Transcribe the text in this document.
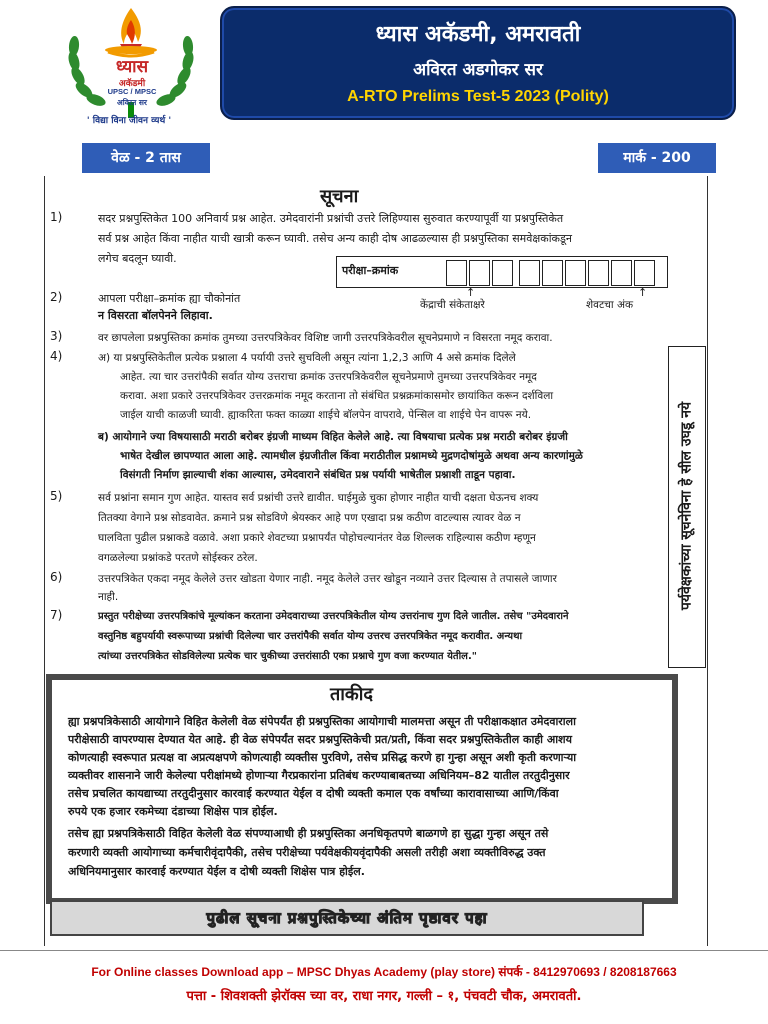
ध्यास
अकॅडमी
UPSC / MPSC
अविरत सर
' विद्या विना जीवन व्यर्थ '
ध्यास अकॅडमी, अमरावती
अविरत अडगोकर सर
A-RTO Prelims Test-5 2023 (Polity)
वेळ - 2 तास	मार्क - 200
सूचना
1)	सदर प्रश्नपुस्तिकेत 100 अनिवार्य प्रश्न आहेत. उमेदवारांनी प्रश्नांची उत्तरे लिहिण्यास सुरुवात करण्यापूर्वी या प्रश्नपुस्तिकेत
सर्व प्रश्न आहेत किंवा नाहीत याची खात्री करून घ्यावी. तसेच अन्य काही दोष आढळल्यास ही प्रश्नपुस्तिका समवेक्षकांकडून
लगेच बदलून घ्यावी.
परीक्षा–क्रमांक
↑	↑
केंद्राची संकेताक्षरे	शेवटचा अंक
2)	आपला परीक्षा–क्रमांक ह्या चौकोनांत
न विसरता बॉलपेनने लिहावा.
3)	वर छापलेला प्रश्नपुस्तिका क्रमांक तुमच्या उत्तरपत्रिकेवर विशिष्ट जागी उत्तरपत्रिकेवरील सूचनेप्रमाणे न विसरता नमूद करावा.
4)	अ) या प्रश्नपुस्तिकेतील प्रत्येक प्रश्नाला 4 पर्यायी उत्तरे सुचविली असून त्यांना 1,2,3 आणि 4 असे क्रमांक दिलेले
आहेत. त्या चार उत्तरांपैकी सर्वात योग्य उत्तराचा क्रमांक उत्तरपत्रिकेवरील सूचनेप्रमाणे तुमच्या उत्तरपत्रिकेवर नमूद
करावा. अशा प्रकारे उत्तरपत्रिकेवर उत्तरक्रमांक नमूद करताना तो संबंधित प्रश्नक्रमांकासमोर छायांकित करून दर्शविला
जाईल याची काळजी घ्यावी. ह्याकरिता फक्त काळ्या शाईचे बॉलपेन वापरावे, पेन्सिल वा शाईचे पेन वापरू नये.
ब) आयोगाने ज्या विषयासाठी मराठी बरोबर इंग्रजी माध्यम विहित केलेले आहे. त्या विषयाचा प्रत्येक प्रश्न मराठी बरोबर इंग्रजी
भाषेत देखील छापण्यात आला आहे. त्यामधील इंग्रजीतील किंवा मराठीतील प्रश्नामध्ये मुद्रणदोषांमुळे अथवा अन्य कारणांमुळे
विसंगती निर्माण झाल्याची शंका आल्यास, उमेदवाराने संबंधित प्रश्न पर्यायी भाषेतील प्रश्नाशी ताडून पहावा.
5)	सर्व प्रश्नांना समान गुण आहेत. यास्तव सर्व प्रश्नांची उत्तरे द्यावीत. घाईमुळे चुका होणार नाहीत याची दक्षता घेऊनच शक्य
तितक्या वेगाने प्रश्न सोडवावेत. क्रमाने प्रश्न सोडविणे श्रेयस्कर आहे पण एखादा प्रश्न कठीण वाटल्यास त्यावर वेळ न
घालविता पुढील प्रश्नाकडे वळावे. अशा प्रकारे शेवटच्या प्रश्नापर्यंत पोहोचल्यानंतर वेळ शिल्लक राहिल्यास कठीण म्हणून
वगळलेल्या प्रश्नांकडे परतणे सोईस्कर ठरेल.
6)	उत्तरपत्रिकेत एकदा नमूद केलेले उत्तर खोडता येणार नाही. नमूद केलेले उत्तर खोडून नव्याने उत्तर दिल्यास ते तपासले जाणार
नाही.
7)	प्रस्तुत परीक्षेच्या उत्तरपत्रिकांचे मूल्यांकन करताना उमेदवाराच्या उत्तरपत्रिकेतील योग्य उत्तरांनाच गुण दिले जातील. तसेच "उमेदवाराने
वस्तुनिष्ठ बहुपर्यायी स्वरूपाच्या प्रश्नांची दिलेल्या चार उत्तरांपैकी सर्वात योग्य उत्तरच उत्तरपत्रिकेत नमूद करावीत. अन्यथा
त्यांच्या उत्तरपत्रिकेत सोडविलेल्या प्रत्येक चार चुकीच्या उत्तरांसाठी एका प्रश्नाचे गुण वजा करण्यात येतील."
पर्यवेक्षकांच्या सूचनेविना हे सील उघडू नये
ताकीद
ह्या प्रश्नपत्रिकेसाठी आयोगाने विहित केलेली वेळ संपेपर्यंत ही प्रश्नपुस्तिका आयोगाची मालमत्ता असून ती परीक्षाकक्षात उमेदवाराला
परीक्षेसाठी वापरण्यास देण्यात येत आहे. ही वेळ संपेपर्यंत सदर प्रश्नपुस्तिकेची प्रत/प्रती, किंवा सदर प्रश्नपुस्तिकेतील काही आशय
कोणत्याही स्वरूपात प्रत्यक्ष वा अप्रत्यक्षपणे कोणत्याही व्यक्तीस पुरविणे, तसेच प्रसिद्ध करणे हा गुन्हा असून अशी कृती करणाऱ्या
व्यक्तीवर शासनाने जारी केलेल्या परीक्षांमध्ये होणाऱ्या गैरप्रकारांना प्रतिबंध करण्याबाबतच्या अधिनियम–82 यातील तरतुदीनुसार
तसेच प्रचलित कायद्याच्या तरतुदीनुसार कारवाई करण्यात येईल व दोषी व्यक्ती कमाल एक वर्षांच्या कारावासाच्या आणि/किंवा
रुपये एक हजार रकमेच्या दंडाच्या शिक्षेस पात्र होईल.
तसेच ह्या प्रश्नपत्रिकेसाठी विहित केलेली वेळ संपण्याआधी ही प्रश्नपुस्तिका अनधिकृतपणे बाळगणे हा सुद्धा गुन्हा असून तसे
करणारी व्यक्ती आयोगाच्या कर्मचारीवृंदापैकी, तसेच परीक्षेच्या पर्यवेक्षकीयवृंदापैकी असली तरीही अशा व्यक्तीविरुद्ध उक्त
अधिनियमानुसार कारवाई करण्यात येईल व दोषी व्यक्ती शिक्षेस पात्र होईल.
पुढील सूचना प्रश्नपुस्तिकेच्या अंतिम पृष्ठावर पहा
For Online classes Download app – MPSC Dhyas Academy (play store) संपर्क - 8412970693 / 8208187663
पत्ता - शिवशक्ती झेरॉक्स च्या वर, राधा नगर, गल्ली – १, पंचवटी चौक, अमरावती.
